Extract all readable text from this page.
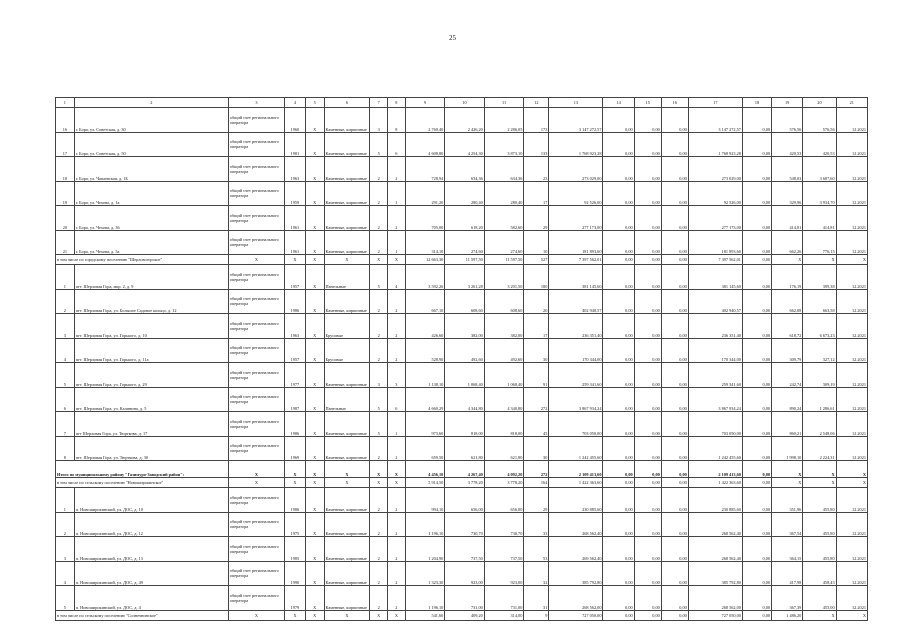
25
1	2	3	4	5	6	7	8	9	10	11	12	13	14	15	16	17	18	19	20	21
16	г. Бора, ул. Советская, д. 30	общий счет регионального оператора	1960	X	Каменные, кирпичные	3	8	2 760,40	2 426,20	2 286,05	173	3 147 272,57	0,00	0,00	0,00	3 147 272,57	0,00	576,56	576,56	12.2021
17	г. Бора, ул. Советская, д. 50	общий счет регионального оператора	1981	X	Каменные, кирпичные	5	6	4 608,80	4 254,30	3 873,10	133	1 768 923,28	0,00	0,00	0,00	1 768 923,28	0,00	420,53	420,53	12.2021
18	г. Бора, ул. Чапаевская, д. 1Б	общий счет регионального оператора	1963	X	Каменные, кирпичные	2	2	728,94	634,36	634,36	23	273 029,00	0,00	0,00	0,00	273 029,00	0,00	548,03	3 687,60	12.2021
19	г. Бора, ул. Чехова, д. 1а	общий счет регионального оператора	1959	X	Каменные, кирпичные	2	1	291,20	280,40	280,40	17	92 526,00	0,00	0,00	0,00	92 526,00	0,00	329,96	3 934,70	12.2021
20	г. Бора, ул. Чехова, д. 36	общий счет регионального оператора	1961	X	Каменные, кирпичные	2	2	705,00	618,20	582,60	29	277 173,00	0,00	0,00	0,00	277 173,00	0,00	414,81	414,81	12.2021
21	г. Бора, ул. Чехова, д. 5а	общий счет регионального оператора	1961	X	Каменные, кирпичные	2	1	314,10	274,60	274,60	10	181 893,60	0,00	0,00	0,00	181 893,60	0,00	662,26	776,15	12.2021
в том числе по городскому поселению "Шерловогорское"		X	X	X	X	X	X	12 663,30	11 597,50	11 597,50	527	7 397 562,01	0,00	0,00	0,00	7 397 562,01	0,00	X	X	X
1	пгт. Шерловая Гора, мкр. 2, д. 9	общий счет регионального оператора	1957	X	Панельные	5	4	3 592,26	3 261,28	3 201,50	180	381 145,60	0,00	0,00	0,00	381 145,60	0,00	176,19	399,38	12.2021
2	пгт. Шерловая Гора, ул. Большое Садовое кольцо, д. 12	общий счет регионального оператора	1986	X	Каменные, кирпичные	2	2	667,10	608,60	608,60	20	402 940,57	0,00	0,00	0,00	402 940,57	0,00	662,08	663,58	12.2021
3	пгт. Шерловая Гора, ул. Горького, д. 10	общий счет регионального оператора	1963	X	Брусовые	2	2	426,60	382,00	382,00	17	236 351,40	0,00	0,00	0,00	236 351,40	0,00	618,72	6 673,23	12.2021
4	пгт. Шерловая Гора, ул. Горького, д. 11а	общий счет регионального оператора	1957	X	Брусовые	2	2	528,90	492,60	492,60	30	170 344,00	0,00	0,00	0,00	170 344,00	0,00	309,79	327,12	12.2021
5	пгт. Шерловая Гора, ул. Горького, д. 29	общий счет регионального оператора	1977	X	Каменные, кирпичные	3	3	1 138,10	1 068,40	1 068,40	91	259 341,60	0,00	0,00	0,00	259 341,60	0,00	242,74	309,19	12.2021
6	пгт. Шерловая Гора, ул. Калинина, д. 5	общий счет регионального оператора	1987	X	Панельные	5	6	4 660,29	4 344,80	4 340,80	272	3 867 934,24	0,00	0,00	0,00	3 867 934,24	0,00	890,24	1 286,61	12.2021
7	пгт Шерловая Гора, ул. Тюрткова, д. 17	общий счет регионального оператора	1986	X	Каменные, кирпичные	5	1	973,60	818,00	818,00	45	703 050,00	0,00	0,00	0,00	703 050,00	0,00	860,21	2 548,06	12.2021
8	пгт. Шерловая Гора, ул. Тюрткова, д. 30	общий счет регионального оператора	1969	X	Каменные, кирпичные	2	2	659,50	621,80	621,80	30	1 242 455,60	0,00	0,00	0,00	1 242 455,60	0,00	1 998,10	2 224,31	12.2021
Итого по муниципальному району "Газимуро-Заводский район":		X	X	X	X	X	X	4 456,10	4 267,40	4 092,20	272	2 109 413,60	0,00	0,00	0,00	2 109 413,60	0,00	X	X	X
в том числе по сельскому поселению "Новоширокинское"		X	X	X	X	X	X	5 914,50	3 778,20	3 778,20	164	1 422 363,60	0,00	0,00	0,00	1 422 363,60	0,00	X	X	X
1	п. Новоширокинский, ул. ДОС, д. 10	общий счет регионального оператора	1986	X	Каменные, кирпичные	2	2	994,10	656,00	656,00	29	230 885,60	0,00	0,00	0,00	230 885,60	0,00	351,96	455,80	12.2021
2	п. Новоширокинский, ул. ДОС, д. 12	общий счет регионального оператора	1975	X	Каменные, кирпичные	2	2	1 196,10	730,70	730,70	33	268 562,40	0,00	0,00	0,00	268 562,40	0,00	367,54	455,80	12.2021
3	п. Новоширокинский, ул. ДОС, д. 13	общий счет регионального оператора	1985	X	Каменные, кирпичные	2	2	1 204,90	737,50	737,50	53	269 562,40	0,00	0,00	0,00	268 562,40	0,00	364,15	455,80	12.2021
4	п. Новоширокинский, ул. ДОС, д. 49	общий счет регионального оператора	1990	X	Каменные, кирпичные	2	2	1 323,30	923,00	923,00	32	385 792,80	0,00	0,00	0,00	385 792,80	0,00	417,98	458,43	12.2021
5	п. Новоширокинский, ул. ДОС, д. 4	общий счет регионального оператора	1979	X	Каменные, кирпичные	2	2	1 196,10	731,00	731,00	31	268 562,00	0,00	0,00	0,00	268 562,00	0,00	367,39	455,00	12.2021
в том числе по сельскому поселению "Солнечнинское"		X	X	X	X	X	X	541,60	409,20	314,00	9	727 050,00	0,00	0,00	0,00	727 050,00	0,00	1 486,20	X	X
